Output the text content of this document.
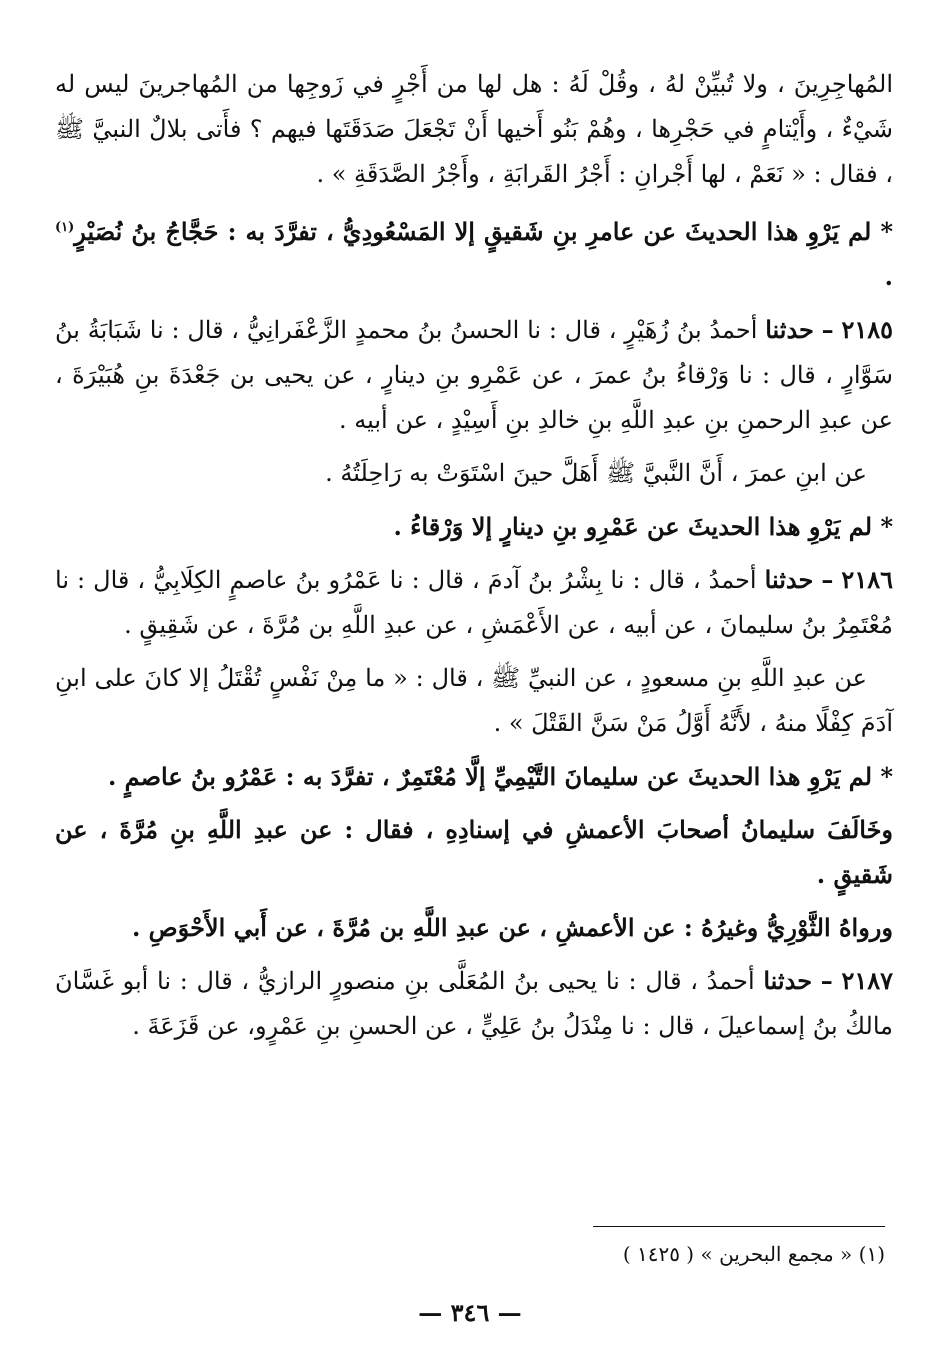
المُهاجِرِينَ ، ولا تُبيِّنْ لهُ ، وقُلْ لَهُ : هل لها من أَجْرٍ في زَوجِها من المُهاجرينَ ليس له شَيْءٌ ، وأَيْتامٍ في حَجْرِها ، وهُمْ بَنُو أَخيها أَنْ تَجْعَلَ صَدَقَتَها فيهم ؟ فأَتى بلالٌ النبيَّ ﷺ ، فقال : « نَعَمْ ، لها أَجْرانِ : أَجْرُ القَرابَةِ ، وأَجْرُ الصَّدَقَةِ » .

* لم يَرْوِ هذا الحديثَ عن عامرِ بنِ شَقيقٍ إلا المَسْعُودِيُّ ، تفرَّدَ به : حَجَّاجُ بنُ نُصَيْرٍ$^{(١)}$ .

٢١٨٥ – حدثنا أحمدُ بنُ زُهَيْرٍ ، قال : نا الحسنُ بنُ محمدٍ الزَّعْفَرانِيُّ ، قال : نا شَبَابَةُ بنُ سَوَّارٍ ، قال : نا وَرْقاءُ بنُ عمرَ ، عن عَمْرِو بنِ دينارٍ ، عن يحيى بن جَعْدَةَ بنِ هُبَيْرَةَ ، عن عبدِ الرحمنِ بنِ عبدِ اللَّهِ بنِ خالدِ بنِ أَسِيْدٍ ، عن أبيه .

عن ابنِ عمرَ ، أَنَّ النَّبيَّ ﷺ أَهَلَّ حينَ اسْتَوَتْ به رَاحِلَتُهُ .

* لم يَرْوِ هذا الحديثَ عن عَمْرِو بنِ دينارٍ إلا وَرْقاءُ .

٢١٨٦ – حدثنا أحمدُ ، قال : نا بِشْرُ بنُ آدمَ ، قال : نا عَمْرُو بنُ عاصمٍ الكِلَابِيُّ ، قال : نا مُعْتَمِرُ بنُ سليمانَ ، عن أبيه ، عن الأَعْمَشِ ، عن عبدِ اللَّهِ بن مُرَّةَ ، عن شَقِيقٍ .

عن عبدِ اللَّهِ بنِ مسعودٍ ، عن النبيِّ ﷺ ، قال : « ما مِنْ نَفْسٍ تُقْتَلُ إلا كانَ على ابنِ آدَمَ كِفْلًا منهُ ، لأَنَّهُ أَوَّلُ مَنْ سَنَّ القَتْلَ » .

* لم يَرْوِ هذا الحديثَ عن سليمانَ التَّيْمِيِّ إلَّا مُعْتَمِرٌ ، تفرَّدَ به : عَمْرُو بنُ عاصمٍ .

وخَالَفَ سليمانُ أصحابَ الأعمشِ في إسنادِهِ ، فقال : عن عبدِ اللَّهِ بنِ مُرَّةَ ، عن شَقيقٍ .

ورواهُ الثَّوْرِيُّ وغيرُهُ : عن الأعمشِ ، عن عبدِ اللَّهِ بن مُرَّةَ ، عن أَبي الأَحْوَصِ .

٢١٨٧ – حدثنا أحمدُ ، قال : نا يحيى بنُ المُعَلَّى بنِ منصورٍ الرازيُّ ، قال : نا أبو غَسَّانَ مالكُ بنُ إسماعيلَ ، قال : نا مِنْدَلُ بنُ عَلِيٍّ ، عن الحسنِ بنِ عَمْرٍو، عن قَزَعَةَ .

(١) « مجمع البحرين » ( ١٤٢٥ )
— ٣٤٦ —
